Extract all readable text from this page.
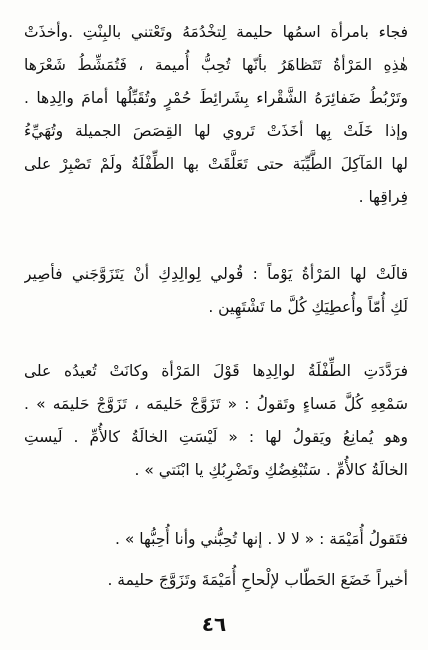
فجاء بامرأة اسمُها حليمة لِتخْدُمَهُ وتَعْتني بالبِنْتِ .وأخذَتْ
هٰذِهِ المَرْأةُ تَتَظاهَرُ بأنّها تُحِبُّ أُميمة ، فَتُمَشِّطُ شَعْرَها
وتَرْبُطُ ضَفائِرَهُ الشَّقْراء بِشَرائِطَ حُمْرٍ وتُقَبِّلُها أمامَ والِدِها .
وإذا خَلَتْ بِها أخَذَتْ تَروي لها القِصَصَ الجميلة وتُهَيِّءُ
لها المَآكِلَ الطَّيِّبَة حتى تَعَلَّقَتْ بها الطِّفْلَةُ ولَمْ تَصْبِرْ على
فِراقِها .
قالَتْ لها المَرْأةُ يَوْماً : قُولي لِوالِدِكِ أنْ يَتَزَوَّجَني فأصِير
لَكِ أُمّاً وأُعطِيَكِ كُلَّ ما تَشْتَهِين .
فرَدَّدَتِ الطِّفْلَةُ لوالِدِها قَوْلَ المَرْأة وكانَتْ تُعيدُه على
سَمْعِهِ كُلَّ مَساءٍ وتَقولُ : « تَزَوَّجْ حَليمَه ، تَزَوَّجْ حَليمَه » .
وهو يُمانِعُ ويَقولُ لها : « لَيْسَتِ الخالَةُ كالأُمِّ . لَيستِ
الخالَةُ كالأُمِّ . سَتُبْغِضُكِ وتَضْرِبُكِ يا ابْنَتي » .
فتَقولُ أُمَيْمَة : « لا لا . إنها تُحِبُّني وأنا أُحِبُّها » .
أخيراً خَضَعَ الحَطّاب لإلْحاحِ أُمَيْمَةَ وتَزَوَّجَ حليمة .
٤٦
